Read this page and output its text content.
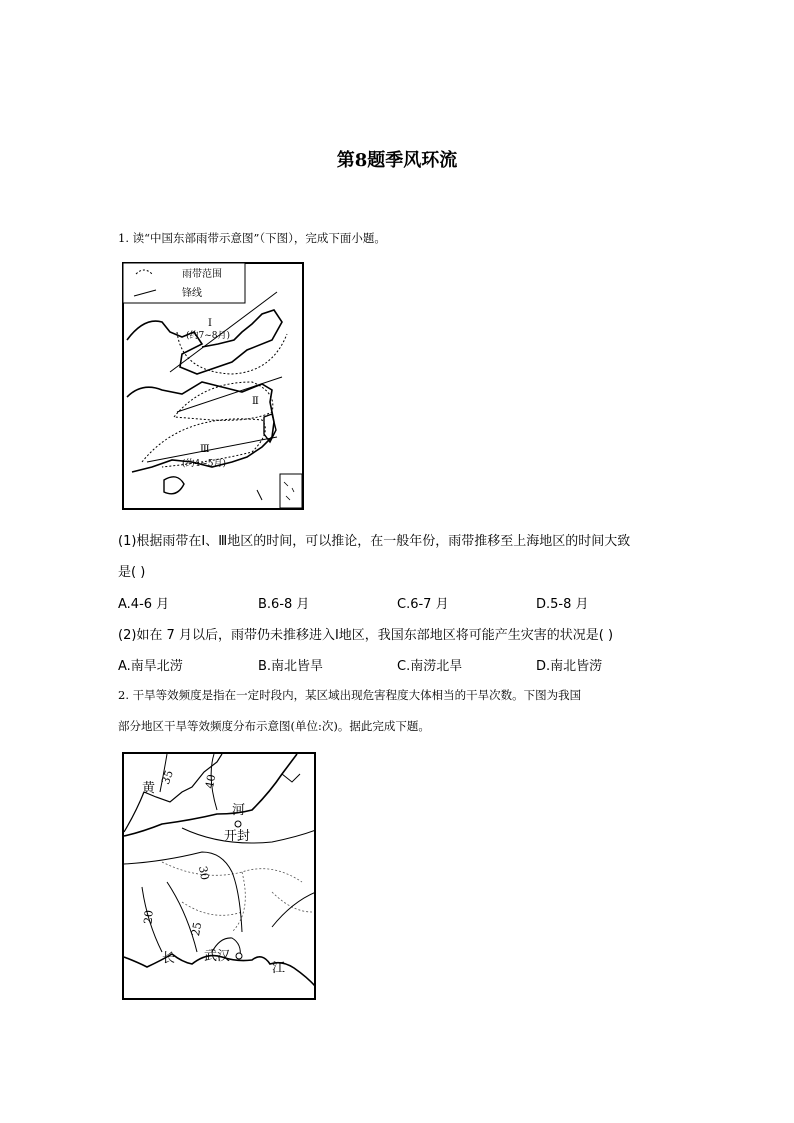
第8题季风环流
1. 读“中国东部雨带示意图”（下图），完成下面小题。
雨带范围
锋线
Ⅰ
(约7~8月)
Ⅱ
Ⅲ
(约4~5月)
(1)根据雨带在Ⅰ、Ⅲ地区的时间，可以推论，在一般年份，雨带推移至上海地区的时间大致
是( )
A.4-6 月	B.6-8 月	C.6-7 月	D.5-8 月
(2)如在 7 月以后，雨带仍未推移进入Ⅰ地区，我国东部地区将可能产生灾害的状况是( )
A.南旱北涝	B.南北皆旱	C.南涝北旱	D.南北皆涝
2. 干旱等效频度是指在一定时段内，某区域出现危害程度大体相当的干旱次数。下图为我国
部分地区干旱等效频度分布示意图(单位:次)。据此完成下题。
黄
35 40
河
开封
30
20
25
长 武汉
江
